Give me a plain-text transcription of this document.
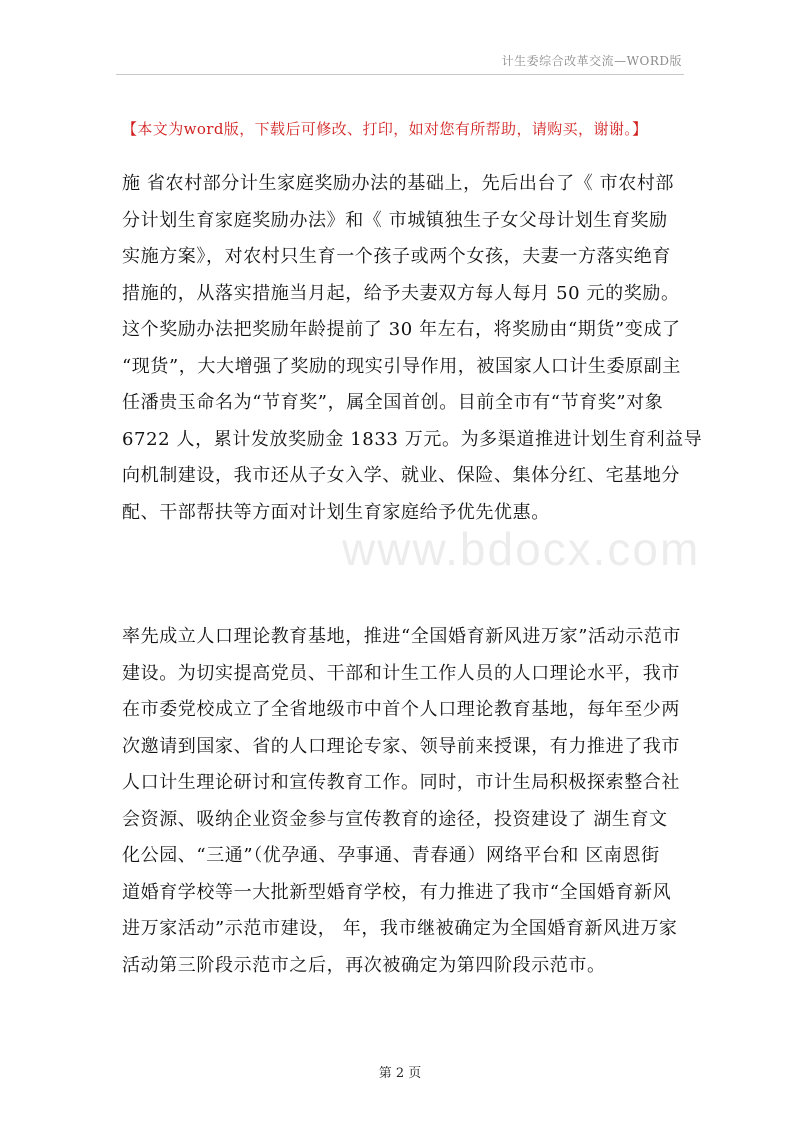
计生委综合改革交流—WORD版
【本文为word版，下载后可修改、打印，如对您有所帮助，请购买，谢谢。】
施 省农村部分计生家庭奖励办法的基础上，先后出台了《 市农村部
分计划生育家庭奖励办法》和《 市城镇独生子女父母计划生育奖励
实施方案》，对农村只生育一个孩子或两个女孩，夫妻一方落实绝育
措施的，从落实措施当月起，给予夫妻双方每人每月 50 元的奖励。
这个奖励办法把奖励年龄提前了 30 年左右，将奖励由“期货”变成了
“现货”，大大增强了奖励的现实引导作用，被国家人口计生委原副主
任潘贵玉命名为“节育奖”，属全国首创。目前全市有“节育奖”对象
6722 人，累计发放奖励金 1833 万元。为多渠道推进计划生育利益导
向机制建设，我市还从子女入学、就业、保险、集体分红、宅基地分
配、干部帮扶等方面对计划生育家庭给予优先优惠。
www.bdocx.com
率先成立人口理论教育基地，推进“全国婚育新风进万家”活动示范市
建设。为切实提高党员、干部和计生工作人员的人口理论水平，我市
在市委党校成立了全省地级市中首个人口理论教育基地，每年至少两
次邀请到国家、省的人口理论专家、领导前来授课，有力推进了我市
人口计生理论研讨和宣传教育工作。同时，市计生局积极探索整合社
会资源、吸纳企业资金参与宣传教育的途径，投资建设了 湖生育文
化公园、“三通”（优孕通、孕事通、青春通）网络平台和 区南恩街
道婚育学校等一大批新型婚育学校，有力推进了我市“全国婚育新风
进万家活动”示范市建设， 年，我市继被确定为全国婚育新风进万家
活动第三阶段示范市之后，再次被确定为第四阶段示范市。
第 2 页
